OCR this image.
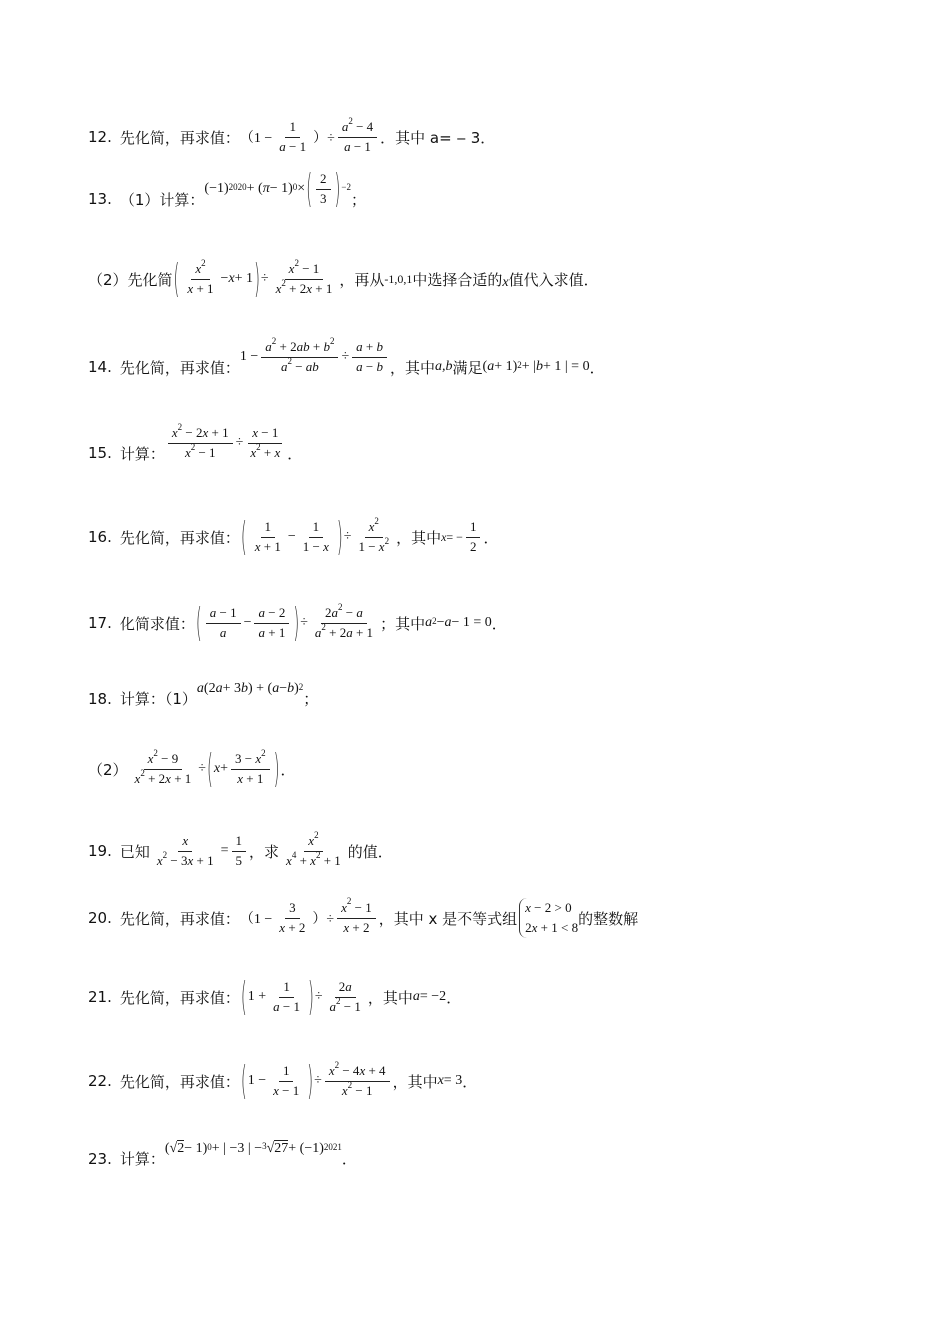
12. 先化简，再求值： （$1 - \frac{1}{a - 1}$ ）÷ $\frac{a^2 - 4}{a - 1}$ ．其中 a= ‒ 3．
13. （1）计算：
$(-1)^{2020}$ + ( π − 1)$^0$ × ( $\frac{2}{3} )^{-2}$
；
（2）先化简 ( $\frac{x^2}{x + 1} - x + 1$ ) ÷ $\frac{x^2 - 1}{x^2 + 2x + 1}$ ，再从 -1,0,1 中选择合适的 x 值代入求值．
14. 先化简，再求值：
$1 - \frac{a^2 + 2ab + b^2}{a^2 - ab} \div \frac{a + b}{a - b}$ ，其中 a,b 满足 ( a + 1)$^2$ + | b + 1 | = 0 ．
15. 计算： $\frac{x^2 - 2x + 1}{x^2 - 1} \div \frac{x - 1}{x^2 + x}$ ．
16. 先化简，再求值： ( $\frac{1}{x + 1} - \frac{1}{1 - x}$ ) ÷ $\frac{x^2}{1 - x^2}$ ，其中 x = − $\frac{1}{2}$ ．
17. 化简求值： ( $\frac{a - 1}{a} - \frac{a - 2}{a + 1}$ ) ÷ $\frac{2a^2 - a}{a^2 + 2a + 1}$ ；其中 $a^2 - a - 1 = 0$ ．
18. 计算：（1）
a (2 a + 3 b ) + ( a − b )$^2$
；
$(2) \frac{x^2 - 9}{x^2 + 2x + 1}$ ÷ ( $x + \frac{3 - x^2}{x + 1}$ ) ．
19. 已知 $\frac{x}{x^2 - 3x + 1} = \frac{1}{5}$ ，求 $\frac{x^2}{x^4 + x^2 + 1}$ 的值．
20. 先化简，再求值： （$1 - \frac{3}{x + 2}$ ）÷ $\frac{x^2 - 1}{x + 2}$ ，其中 x 是不等式组
x − 2 > 0
2x + 1 < 8 的整数解
21. 先化简，再求值： ( $1 + \frac{1}{a - 1}$ ) ÷ $\frac{2a}{a^2 - 1}$ ，其中 a = −2 ．
22. 先化简，再求值： ( $1 - \frac{1}{x - 1}$ ) ÷ $\frac{x^2 - 4x + 4}{x^2 - 1}$ ，其中 x = 3 ．
23. 计算：
(√ 2 − 1)$^0$ + | −3 | − $^3$ √ $27 + (-1)^{2021}$
．
